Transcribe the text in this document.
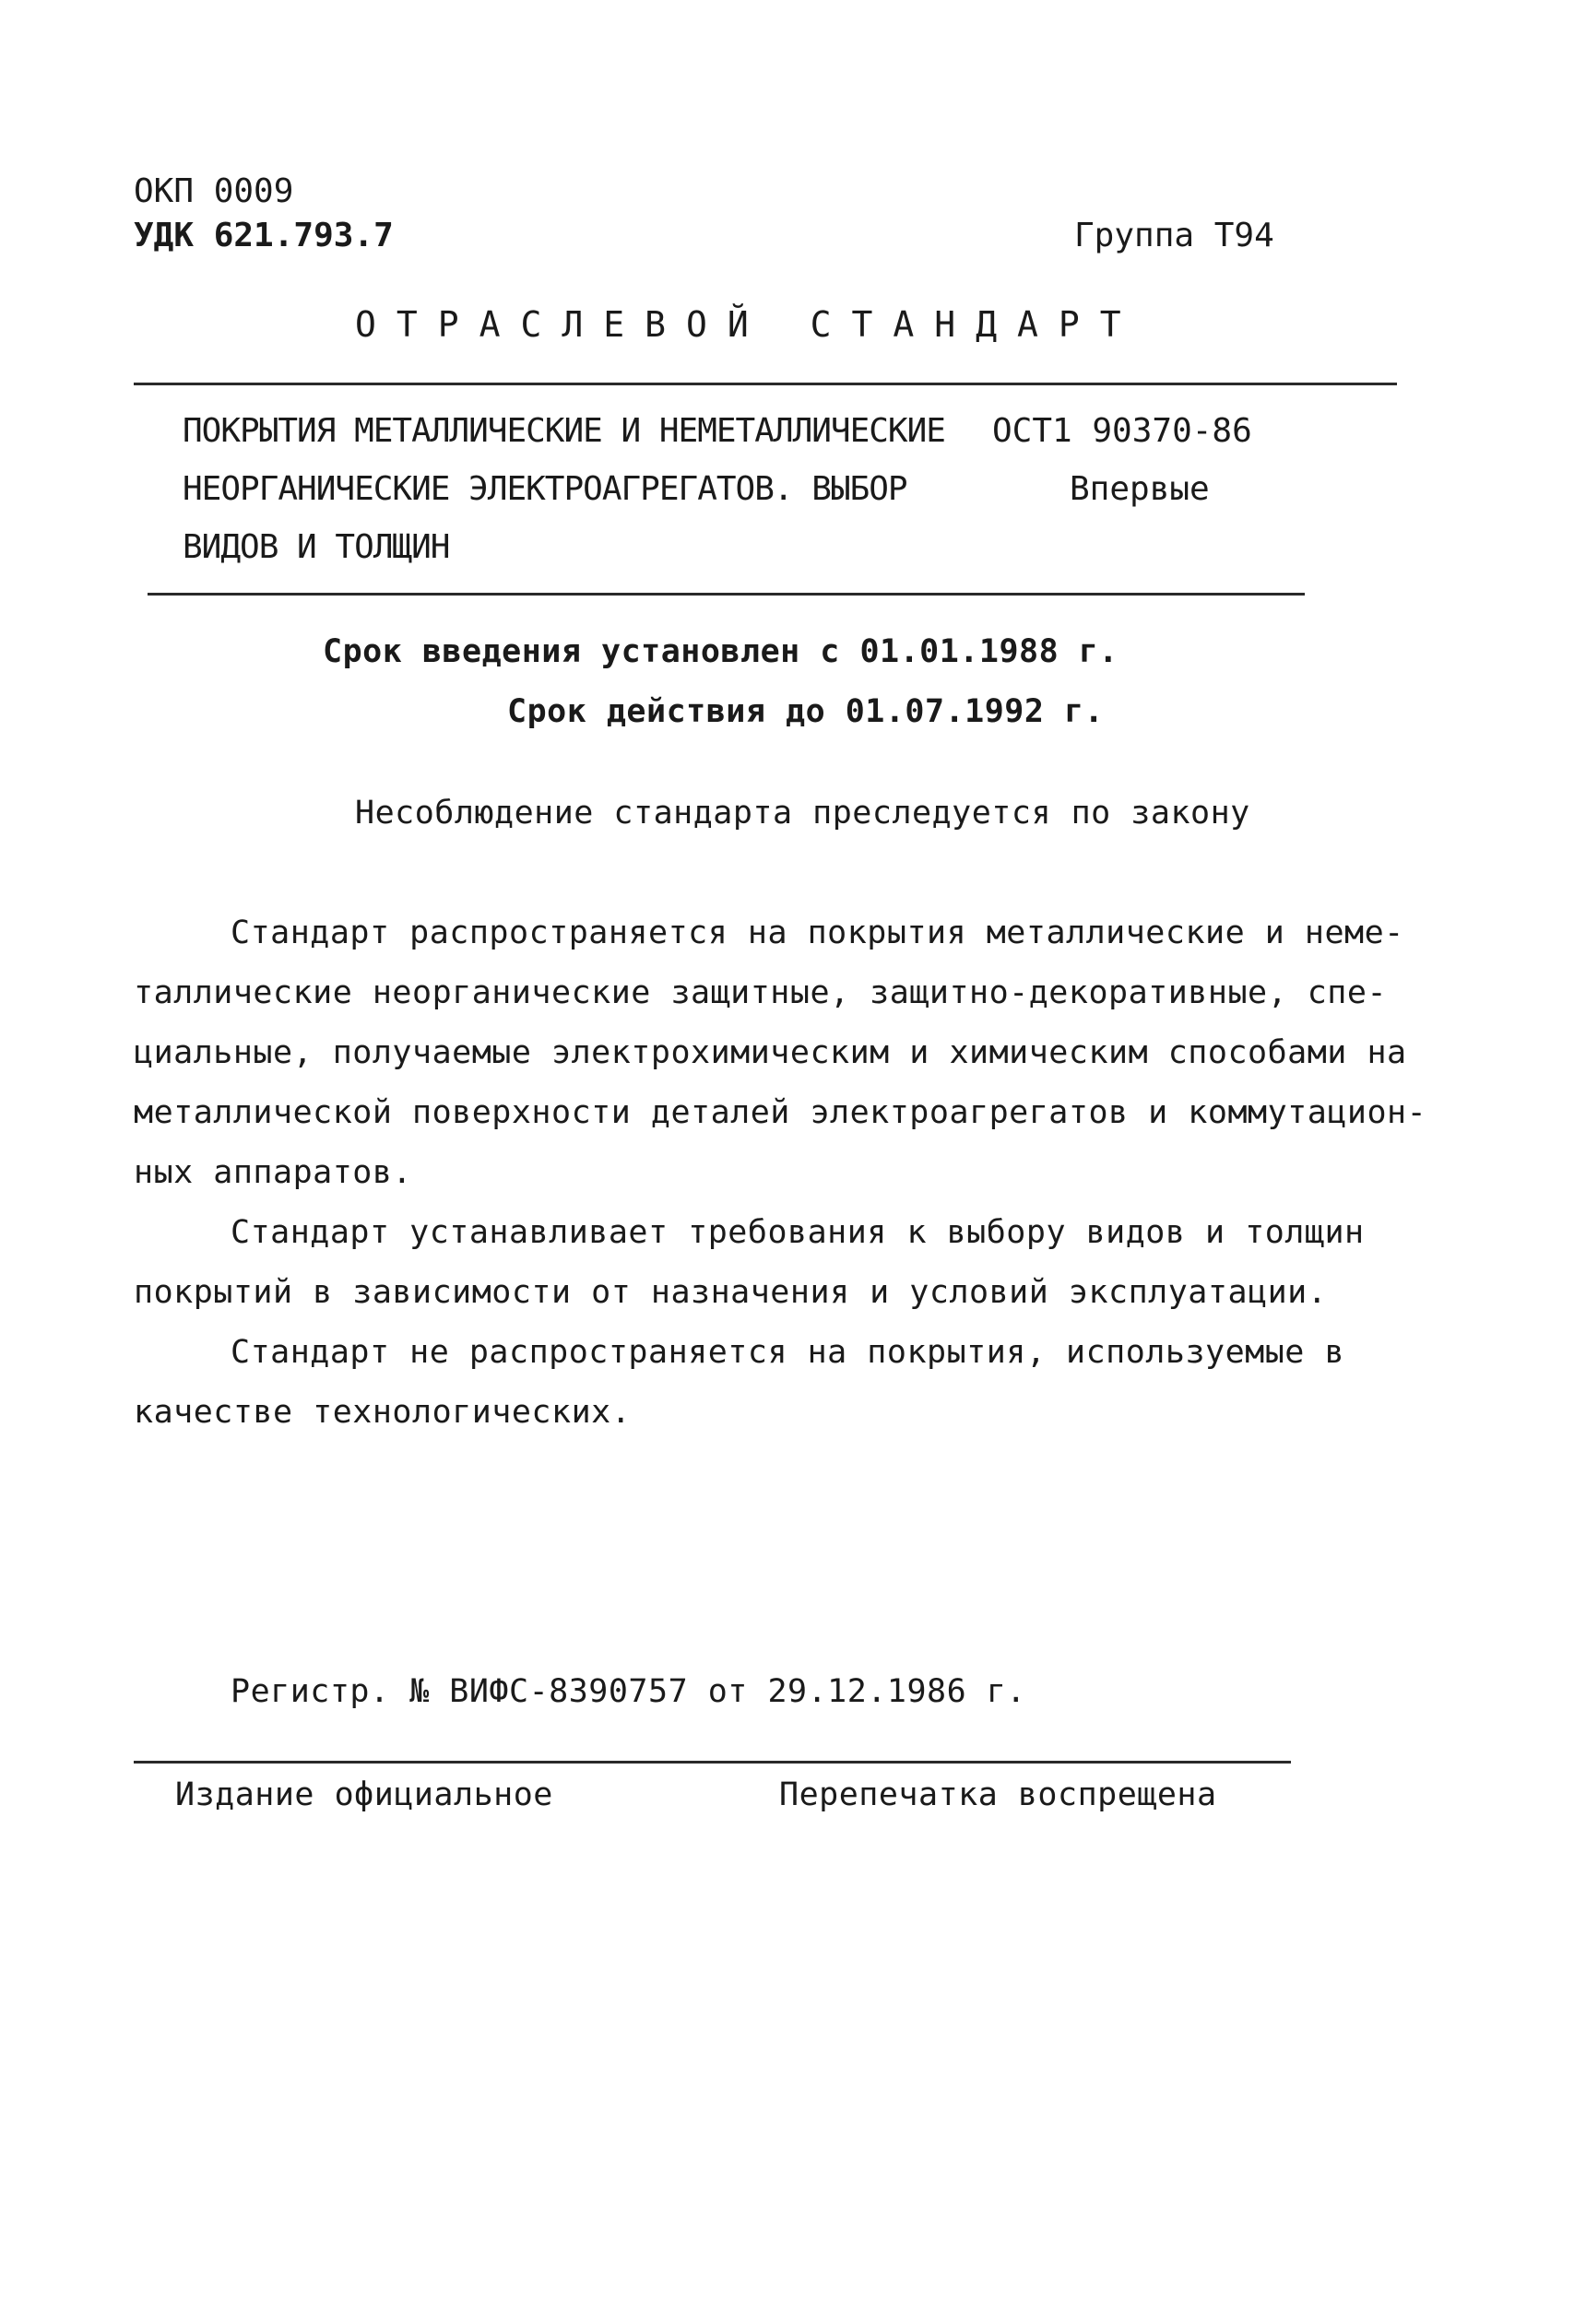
ОКП 0009
УДК 621.793.7	Группа Т94
ОТРАСЛЕВОЙ СТАНДАРТ
ПОКРЫТИЯ МЕТАЛЛИЧЕСКИЕ И НЕМЕТАЛЛИЧЕСКИЕ
НЕОРГАНИЧЕСКИЕ ЭЛЕКТРОАГРЕГАТОВ. ВЫБОР
ВИДОВ И ТОЛЩИН
ОСТ1 90370-86
Впервые
Срок введения установлен с 01.01.1988 г.
Срок действия до 01.07.1992 г.
Несоблюдение стандарта преследуется по закону
Стандарт распространяется на покрытия металлические и неме-
таллические неорганические защитные, защитно-декоративные, спе-
циальные, получаемые электрохимическим и химическим способами на
металлической поверхности деталей электроагрегатов и коммутацион-
ных аппаратов.
Стандарт устанавливает требования к выбору видов и толщин
покрытий в зависимости от назначения и условий эксплуатации.
Стандарт не распространяется на покрытия, используемые в
качестве технологических.
Регистр. № ВИФС-8390757 от 29.12.1986 г.
Издание официальное	Перепечатка воспрещена
